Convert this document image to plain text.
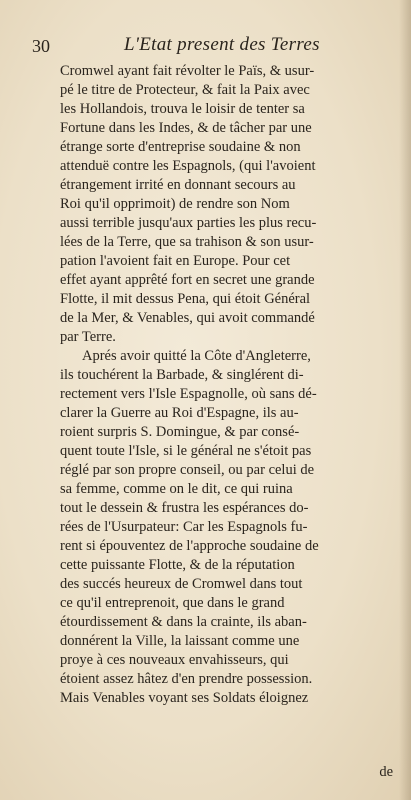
30	L'Etat present des Terres
Cromwel ayant fait révolter le Païs, & usur-
pé le titre de Protecteur, & fait la Paix avec
les Hollandois, trouva le loisir de tenter sa
Fortune dans les Indes, & de tâcher par une
étrange sorte d'entreprise soudaine & non
attenduë contre les Espagnols, (qui l'avoient
étrangement irrité en donnant secours au
Roi qu'il opprimoit) de rendre son Nom
aussi terrible jusqu'aux parties les plus recu-
lées de la Terre, que sa trahison & son usur-
pation l'avoient fait en Europe. Pour cet
effet ayant apprêté fort en secret une grande
Flotte, il mit dessus Pena, qui étoit Général
de la Mer, & Venables, qui avoit commandé
par Terre.
Aprés avoir quitté la Côte d'Angleterre,
ils touchérent la Barbade, & singlérent di-
rectement vers l'Isle Espagnolle, où sans dé-
clarer la Guerre au Roi d'Espagne, ils au-
roient surpris S. Domingue, & par consé-
quent toute l'Isle, si le général ne s'étoit pas
réglé par son propre conseil, ou par celui de
sa femme, comme on le dit, ce qui ruina
tout le dessein & frustra les espérances do-
rées de l'Usurpateur: Car les Espagnols fu-
rent si épouventez de l'approche soudaine de
cette puissante Flotte, & de la réputation
des succés heureux de Cromwel dans tout
ce qu'il entreprenoit, que dans le grand
étourdissement & dans la crainte, ils aban-
donnérent la Ville, la laissant comme une
proye à ces nouveaux envahisseurs, qui
étoient assez hâtez d'en prendre possession.
Mais Venables voyant ses Soldats éloignez
de
